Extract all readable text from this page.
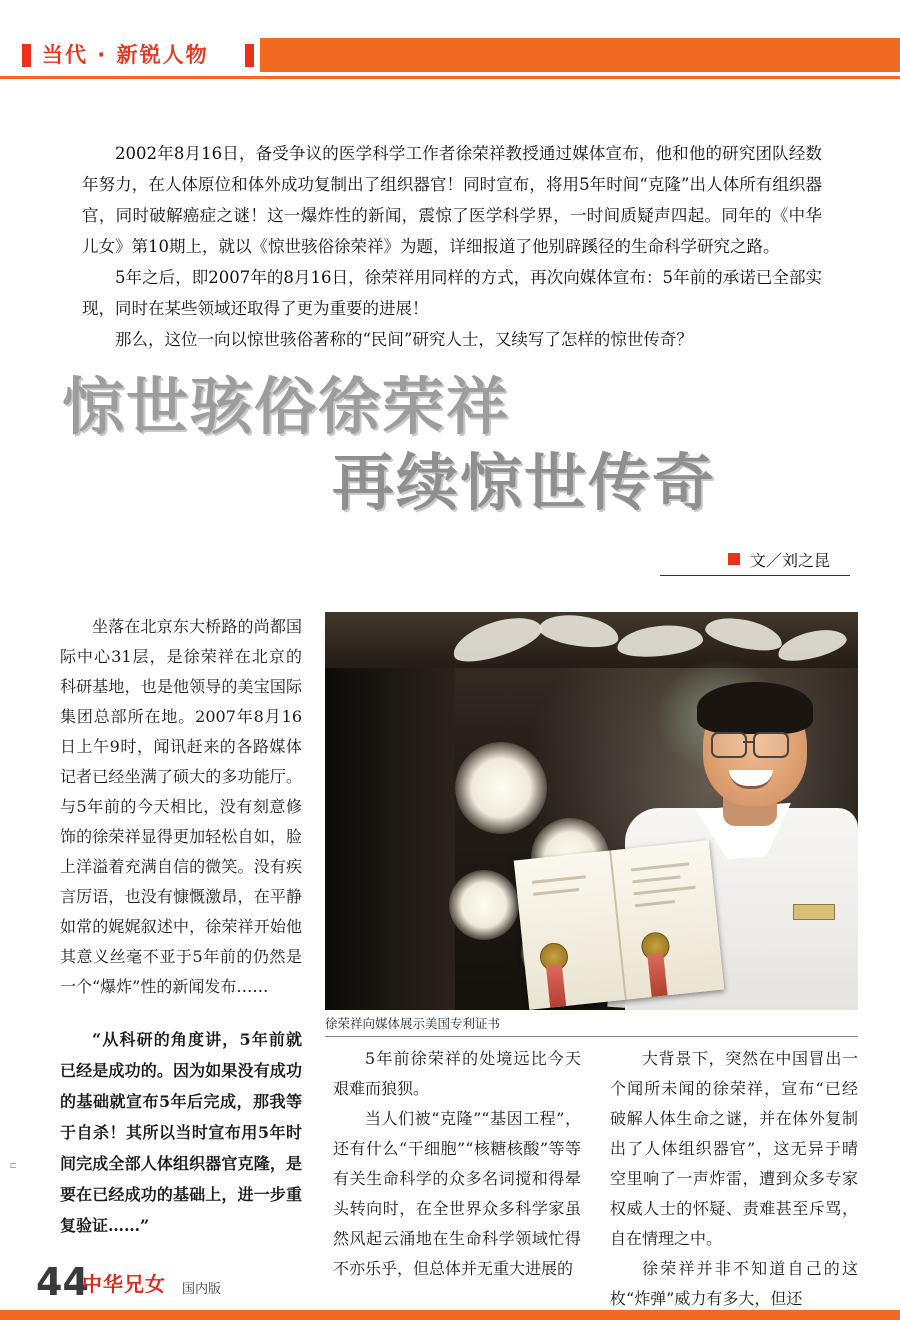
当代 · 新锐人物

2002年8月16日，备受争议的医学科学工作者徐荣祥教授通过媒体宣布，他和他的研究团队经数年努力，在人体原位和体外成功复制出了组织器官！同时宣布，将用5年时间“克隆”出人体所有组织器官，同时破解癌症之谜！这一爆炸性的新闻，震惊了医学科学界，一时间质疑声四起。同年的《中华儿女》第10期上，就以《惊世骇俗徐荣祥》为题，详细报道了他别辟蹊径的生命科学研究之路。

5年之后，即2007年的8月16日，徐荣祥用同样的方式，再次向媒体宣布：5年前的承诺已全部实现，同时在某些领域还取得了更为重要的进展！

那么，这位一向以惊世骇俗著称的“民间”研究人士，又续写了怎样的惊世传奇？

惊世骇俗徐荣祥
再续惊世传奇
文／刘之昆

坐落在北京东大桥路的尚都国际中心31层，是徐荣祥在北京的科研基地，也是他领导的美宝国际集团总部所在地。2007年8月16日上午9时，闻讯赶来的各路媒体记者已经坐满了硕大的多功能厅。与5年前的今天相比，没有刻意修饰的徐荣祥显得更加轻松自如，脸上洋溢着充满自信的微笑。没有疾言厉语，也没有慷慨激昂，在平静如常的娓娓叙述中，徐荣祥开始他其意义丝毫不亚于5年前的仍然是一个“爆炸”性的新闻发布……

“从科研的角度讲，5年前就已经是成功的。因为如果没有成功的基础就宣布5年后完成，那我等于自杀！其所以当时宣布用5年时间完成全部人体组织器官克隆，是要在已经成功的基础上，进一步重复验证……”

徐荣祥向媒体展示美国专利证书

5年前徐荣祥的处境远比今天艰难而狼狈。

当人们被“克隆”“基因工程”，还有什么“干细胞”“核糖核酸”等等有关生命科学的众多名词搅和得晕头转向时，在全世界众多科学家虽然风起云涌地在生命科学领域忙得不亦乐乎，但总体并无重大进展的

大背景下，突然在中国冒出一个闻所未闻的徐荣祥，宣布“已经破解人体生命之谜，并在体外复制出了人体组织器官”，这无异于晴空里响了一声炸雷，遭到众多专家权威人士的怀疑、责难甚至斥骂，自在情理之中。

徐荣祥并非不知道自己的这枚“炸弹”威力有多大，但还

п
44
中华兄女 国内版
